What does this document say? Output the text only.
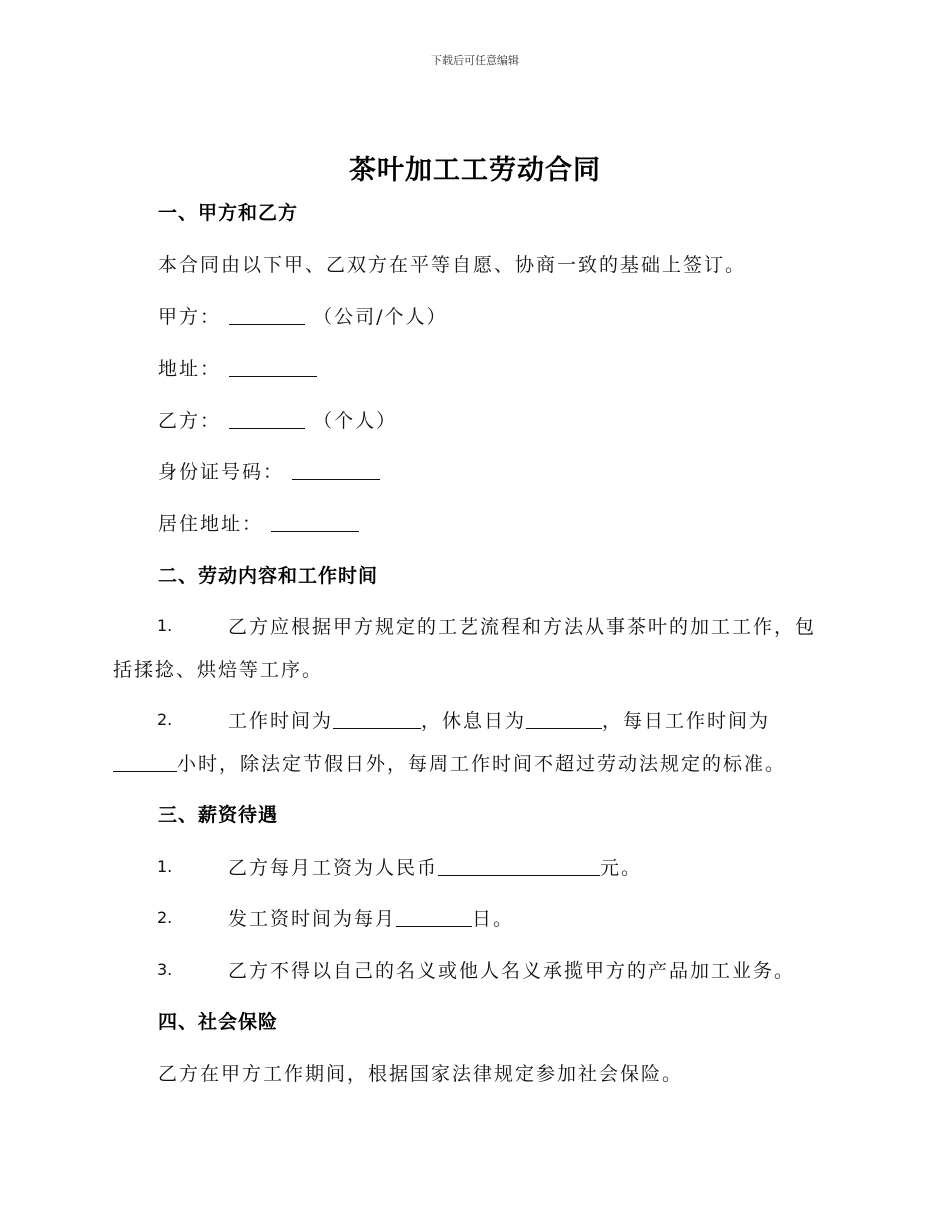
下载后可任意编辑
茶叶加工工劳动合同
一、甲方和乙方
本合同由以下甲、乙双方在平等自愿、协商一致的基础上签订。
甲方：	（公司/个人）
地址：
乙方：	（个人）
身份证号码：
居住地址：
二、劳动内容和工作时间
1.	乙方应根据甲方规定的工艺流程和方法从事茶叶的加工工作，包
括揉捻、烘焙等工序。
2.	工作时间为	，休息日为	，每日工作时间为
小时，除法定节假日外，每周工作时间不超过劳动法规定的标准。
三、薪资待遇
1.	乙方每月工资为人民币	元。
2.	发工资时间为每月	日。
3.	乙方不得以自己的名义或他人名义承揽甲方的产品加工业务。
四、社会保险
乙方在甲方工作期间，根据国家法律规定参加社会保险。
